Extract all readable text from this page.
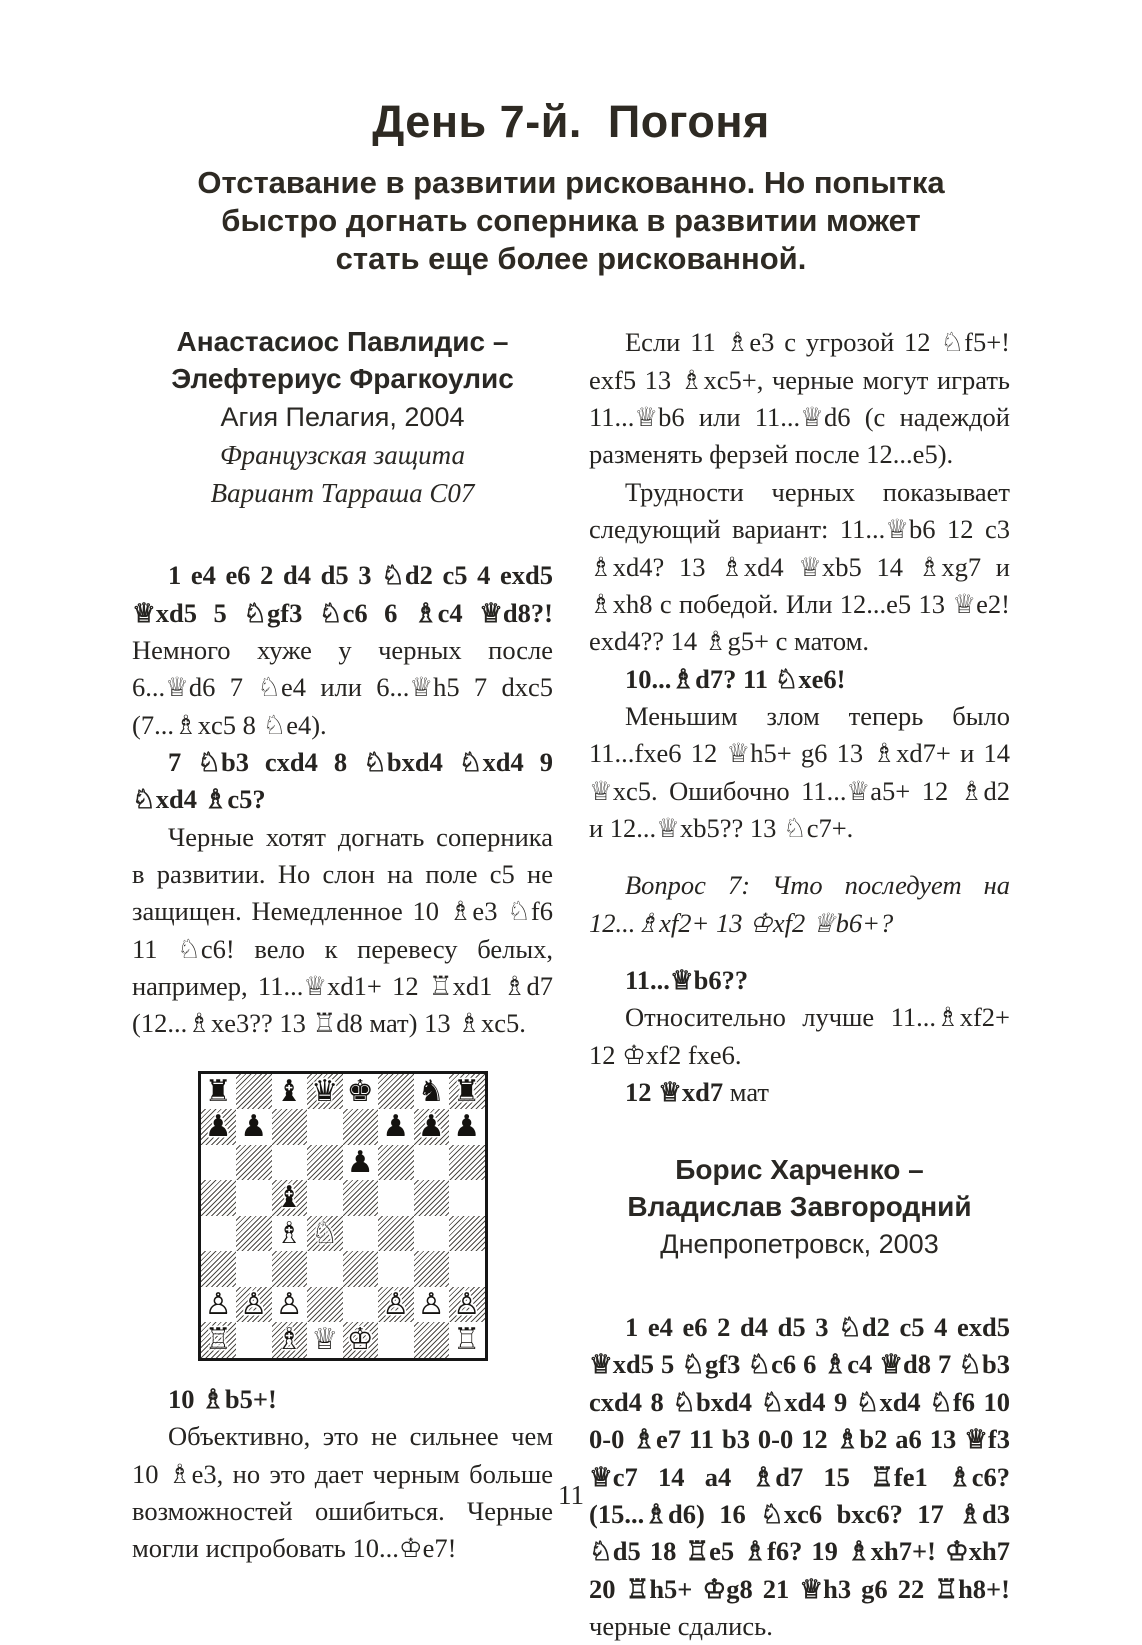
День 7-й.  Погоня
Отставание в развитии рискованно. Но попытка
быстро догнать соперника в развитии может
стать еще более рискованной.
Анастасиос Павлидис –
Элефтериус Фрагкоулис
Агия Пелагия, 2004
Французская защита
Вариант Тарраша C07

1 e4 e6 2 d4 d5 3 ♘d2 c5 4 exd5 ♕xd5 5 ♘gf3 ♘c6 6 ♗c4 ♕d8?! Немного хуже у черных после 6...♕d6 7 ♘e4 или 6...♕h5 7 dxc5 (7...♗xc5 8 ♘e4).

7 ♘b3 cxd4 8 ♘bxd4 ♘xd4 9 ♘xd4 ♗c5?

Черные хотят догнать соперника в развитии. Но слон на поле c5 не защищен. Немедленное 10 ♗e3 ♘f6 11 ♘c6! вело к перевесу белых, например, 11...♕xd1+ 12 ♖xd1 ♗d7 (12...♗xe3?? 13 ♖d8 мат) 13 ♗xc5.

♜ ♝ ♛ ♚ ♞ ♜
♟ ♟	♟ ♟ ♟
♟
♝
♗ ♘
♙ ♙ ♙	♙ ♙ ♙
♖ ♗ ♕ ♔	♖

10 ♗b5+!

Объективно, это не сильнее чем 10 ♗e3, но это дает черным больше возможностей ошибиться. Черные могли испробовать 10...♔e7!

Если 11 ♗e3 с угрозой 12 ♘f5+! exf5 13 ♗xc5+, черные могут играть 11...♕b6 или 11...♕d6 (с надеждой разменять ферзей после 12...e5).

Трудности черных показывает следующий вариант: 11...♕b6 12 c3 ♗xd4? 13 ♗xd4 ♕xb5 14 ♗xg7 и ♗xh8 с победой. Или 12...e5 13 ♕e2! exd4?? 14 ♗g5+ с матом.

10...♗d7? 11 ♘xe6!

Меньшим злом теперь было 11...fxe6 12 ♕h5+ g6 13 ♗xd7+ и 14 ♕xc5. Ошибочно 11...♕a5+ 12 ♗d2 и 12...♕xb5?? 13 ♘c7+.

Вопрос 7: Что последует на 12...♗xf2+ 13 ♔xf2 ♕b6+?

11...♕b6??

Относительно лучше 11...♗xf2+ 12 ♔xf2 fxe6.

12 ♕xd7 мат

Борис Харченко –
Владислав Завгородний
Днепропетровск, 2003

1 e4 e6 2 d4 d5 3 ♘d2 c5 4 exd5 ♕xd5 5 ♘gf3 ♘c6 6 ♗c4 ♕d8 7 ♘b3 cxd4 8 ♘bxd4 ♘xd4 9 ♘xd4 ♘f6 10 0-0 ♗e7 11 b3 0-0 12 ♗b2 a6 13 ♕f3 ♕c7 14 a4 ♗d7 15 ♖fe1 ♗c6? (15...♗d6) 16 ♘xc6 bxc6? 17 ♗d3 ♘d5 18 ♖e5 ♗f6? 19 ♗xh7+! ♔xh7 20 ♖h5+ ♔g8 21 ♕h3 g6 22 ♖h8+! черные сдались.

11
